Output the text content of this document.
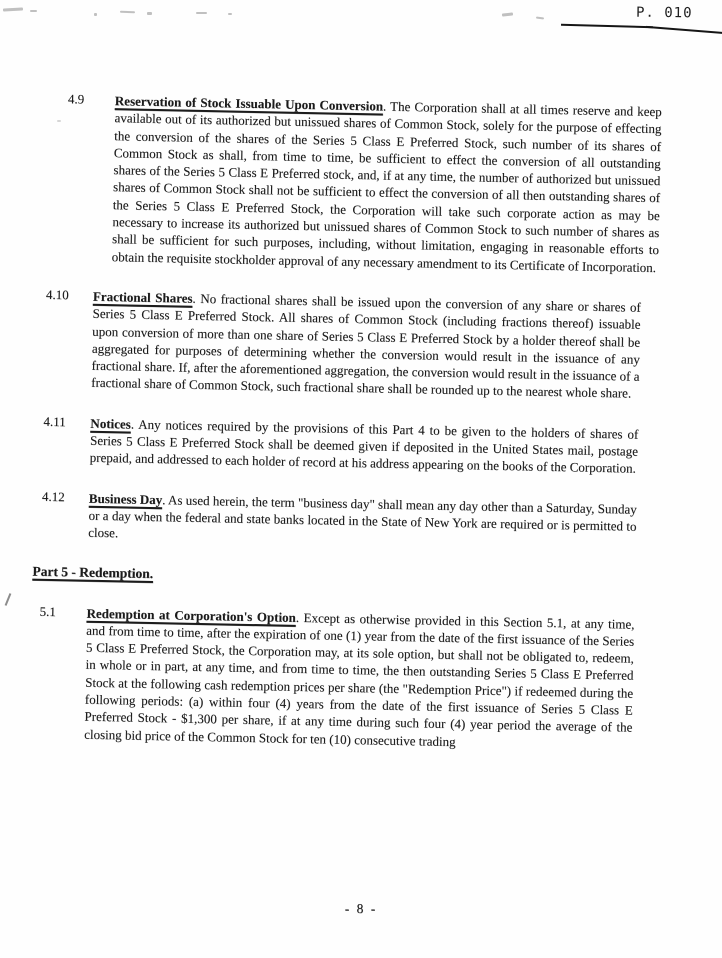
P. 010
4.9	Reservation of Stock Issuable Upon Conversion. The Corporation shall at all times reserve and keep available out of its authorized but unissued shares of Common Stock, solely for the purpose of effecting the conversion of the shares of the Series 5 Class E Preferred Stock, such number of its shares of Common Stock as shall, from time to time, be sufficient to effect the conversion of all outstanding shares of the Series 5 Class E Preferred stock, and, if at any time, the number of authorized but unissued shares of Common Stock shall not be sufficient to effect the conversion of all then outstanding shares of the Series 5 Class E Preferred Stock, the Corporation will take such corporate action as may be necessary to increase its authorized but unissued shares of Common Stock to such number of shares as shall be sufficient for such purposes, including, without limitation, engaging in reasonable efforts to obtain the requisite stockholder approval of any necessary amendment to its Certificate of Incorporation.

4.10	Fractional Shares. No fractional shares shall be issued upon the conversion of any share or shares of Series 5 Class E Preferred Stock. All shares of Common Stock (including fractions thereof) issuable upon conversion of more than one share of Series 5 Class E Preferred Stock by a holder thereof shall be aggregated for purposes of determining whether the conversion would result in the issuance of any fractional share. If, after the aforementioned aggregation, the conversion would result in the issuance of a fractional share of Common Stock, such fractional share shall be rounded up to the nearest whole share.

4.11	Notices. Any notices required by the provisions of this Part 4 to be given to the holders of shares of Series 5 Class E Preferred Stock shall be deemed given if deposited in the United States mail, postage prepaid, and addressed to each holder of record at his address appearing on the books of the Corporation.

4.12	Business Day. As used herein, the term "business day" shall mean any day other than a Saturday, Sunday or a day when the federal and state banks located in the State of New York are required or is permitted to close.

Part 5 - Redemption.
5.1	Redemption at Corporation's Option. Except as otherwise provided in this Section 5.1, at any time, and from time to time, after the expiration of one (1) year from the date of the first issuance of the Series 5 Class E Preferred Stock, the Corporation may, at its sole option, but shall not be obligated to, redeem, in whole or in part, at any time, and from time to time, the then outstanding Series 5 Class E Preferred Stock at the following cash redemption prices per share (the "Redemption Price") if redeemed during the following periods: (a) within four (4) years from the date of the first issuance of Series 5 Class E Preferred Stock - $1,300 per share, if at any time during such four (4) year period the average of the closing bid price of the Common Stock for ten (10) consecutive trading

- 8 -
